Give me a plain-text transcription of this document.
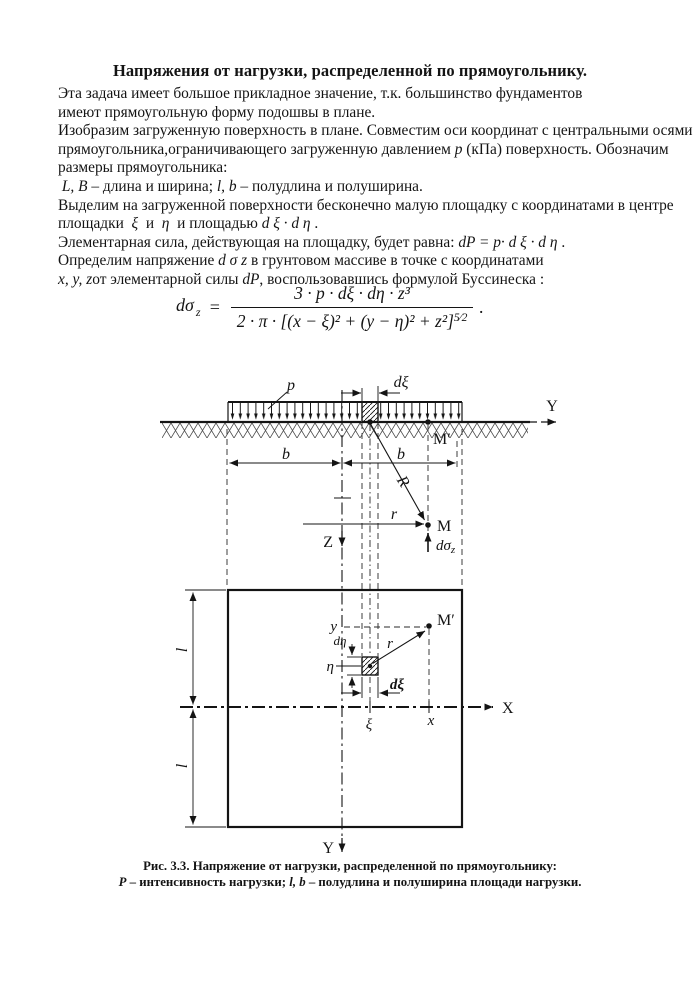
Напряжения от нагрузки, распределенной по прямоугольнику.
Эта задача имеет большое прикладное значение, т.к. большинство фундаментов
имеют прямоугольную форму подошвы в плане.
Изобразим загруженную поверхность в плане. Совместим оси координат с центральными осями
прямоугольника,ограничивающего загруженную давлением p (кПа) поверхность. Обозначим
размеры прямоугольника:
L, B – длина и ширина; l, b – полудлина и полуширина.
Выделим на загруженной поверхности бесконечно малую площадку с координатами в центре
площадки  ξ  и  η  и площадью d ξ · d η .
Элементарная сила, действующая на площадку, будет равна: dP = p· d ξ · d η .
Определим напряжение d σ z в грунтовом массиве в точке с координатами
x, y, zот элементарной силы dP, воспользовавшись формулой Буссинеска :
dσ $_z = \frac{\text{3 · p · dξ · dη · z³}}{2 \cdot \pi \cdot [(x - \xi)^2 + (y - \eta)^2 + z^2]^{5⁄2}}$ .
Рис. 3.3. Напряжение от нагрузки, распределенной по прямоугольнику:
Р – интенсивность нагрузки; l, b – полудлина и полуширина площади нагрузки.
Y
p	dξ
M′
b	b
R
r
M
Z	$d\sigma_z$
X
l
l
dη
η
y
r
M′
dξ
ξ	x
Y
